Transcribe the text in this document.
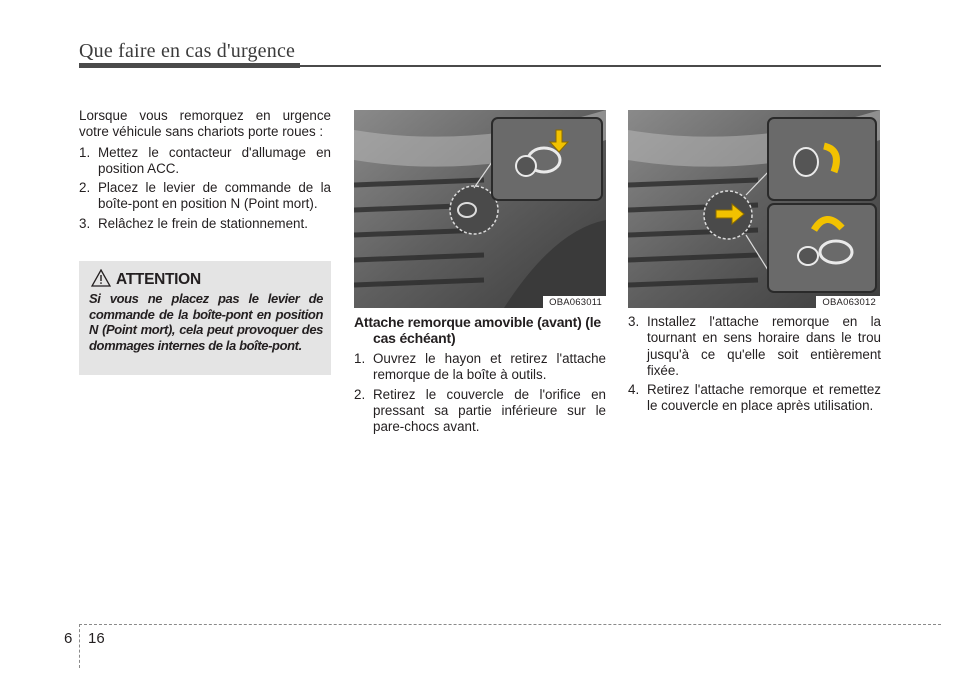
Que faire en cas d'urgence

Lorsque vous remorquez en urgence votre véhicule sans chariots porte roues :

1. Mettez le contacteur d'allumage en position ACC.
2. Placez le levier de commande de la boîte-pont en position N (Point mort).
3. Relâchez le frein de stationnement.
ATTENTION
Si vous ne placez pas le levier de commande de la boîte-pont en position N (Point mort), cela peut provoquer des dommages internes de la boîte-pont.
OBA063011	OBA063012
Attache remorque amovible (avant) (le cas échéant)
1. Ouvrez le hayon et retirez l'attache remorque de la boîte à outils.
2. Retirez le couvercle de l'orifice en pressant sa partie inférieure sur le pare-chocs avant.
3. Installez l'attache remorque en la tournant en sens horaire dans le trou jusqu'à ce qu'elle soit entièrement fixée.
4. Retirez l'attache remorque et remettez le couvercle en place après utilisation.
6 16
